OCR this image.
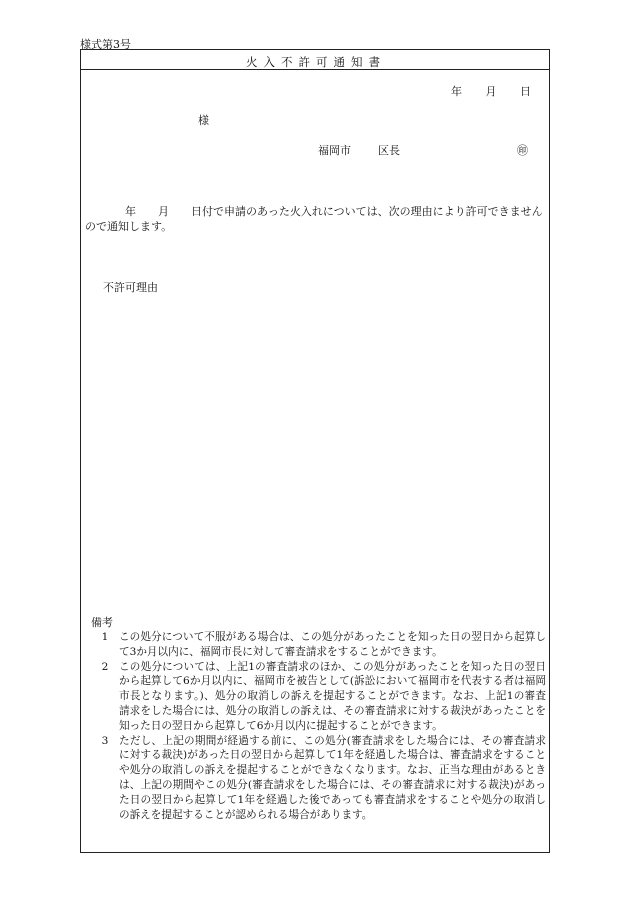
様式第3号
火入不許可通知書
年 月 日
様
福岡市 区長	㊞
年　　月　　日付で申請のあった火入れについては、次の理由により許可できませんので通知します。
不許可理由
備考
1	この処分について不服がある場合は、この処分があったことを知った日の翌日から起算して3か月以内に、福岡市長に対して審査請求をすることができます。
2	この処分については、上記1の審査請求のほか、この処分があったことを知った日の翌日から起算して6か月以内に、福岡市を被告として(訴訟において福岡市を代表する者は福岡市長となります。)、処分の取消しの訴えを提起することができます。なお、上記1の審査請求をした場合には、処分の取消しの訴えは、その審査請求に対する裁決があったことを知った日の翌日から起算して6か月以内に提起することができます。
3	ただし、上記の期間が経過する前に、この処分(審査請求をした場合には、その審査請求に対する裁決)があった日の翌日から起算して1年を経過した場合は、審査請求をすることや処分の取消しの訴えを提起することができなくなります。なお、正当な理由があるときは、上記の期間やこの処分(審査請求をした場合には、その審査請求に対する裁決)があった日の翌日から起算して1年を経過した後であっても審査請求をすることや処分の取消しの訴えを提起することが認められる場合があります。
